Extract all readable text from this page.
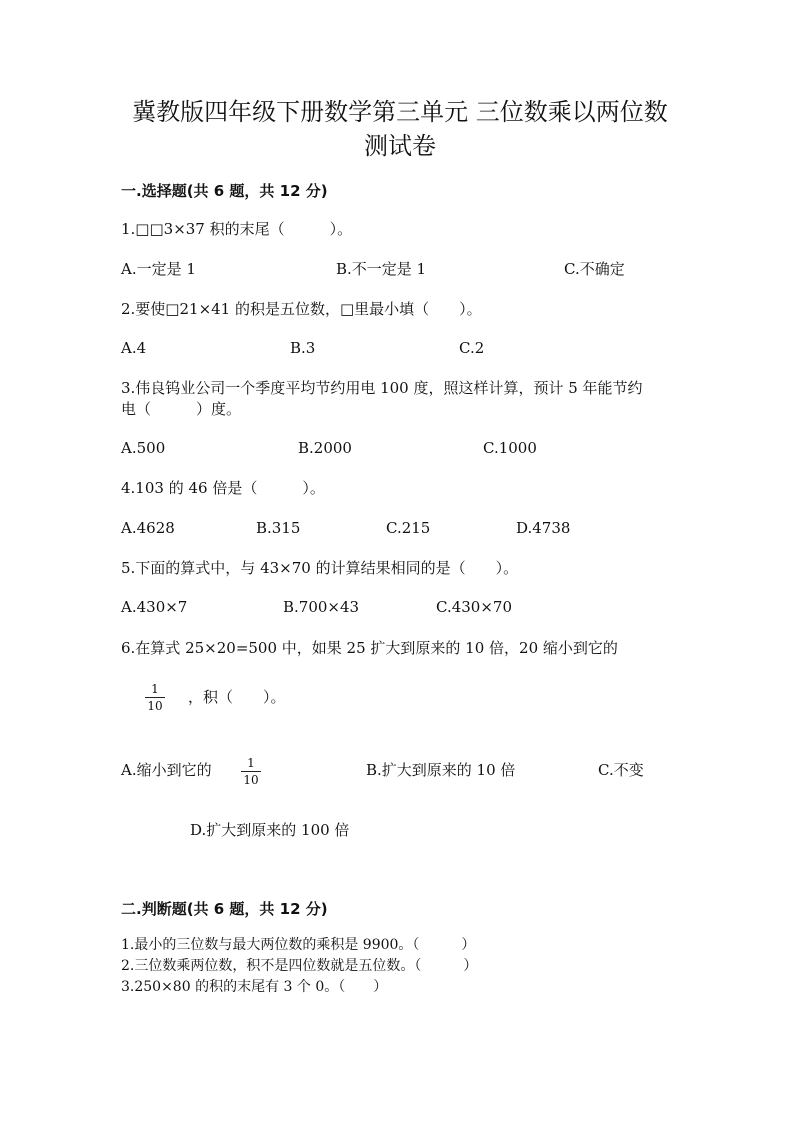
冀教版四年级下册数学第三单元 三位数乘以两位数
测试卷
一.选择题(共 6 题，共 12 分)
1.□□3×37 积的末尾（　　　）。
A.一定是 1	B.不一定是 1	C.不确定
2.要使□21×41 的积是五位数，□里最小填（　　）。
A.4	B.3	C.2
3.伟良钨业公司一个季度平均节约用电 100 度，照这样计算，预计 5 年能节约
电（　　　）度。
A.500	B.2000	C.1000
4.103 的 46 倍是（　　　）。
A.4628	B.315	C.215	D.4738
5.下面的算式中，与 43×70 的计算结果相同的是（　　）。
A.430×7	B.700×43	C.430×70
6.在算式 25×20=500 中，如果 25 扩大到原来的 10 倍，20 缩小到它的
1
10 ，积（　　）。
A.缩小到它的	1
10
B.扩大到原来的 10 倍	C.不变
D.扩大到原来的 100 倍
二.判断题(共 6 题，共 12 分)
1.最小的三位数与最大两位数的乘积是 9900。（　　　）
2.三位数乘两位数，积不是四位数就是五位数。（　　　）
3.250×80 的积的末尾有 3 个 0。（　　）
